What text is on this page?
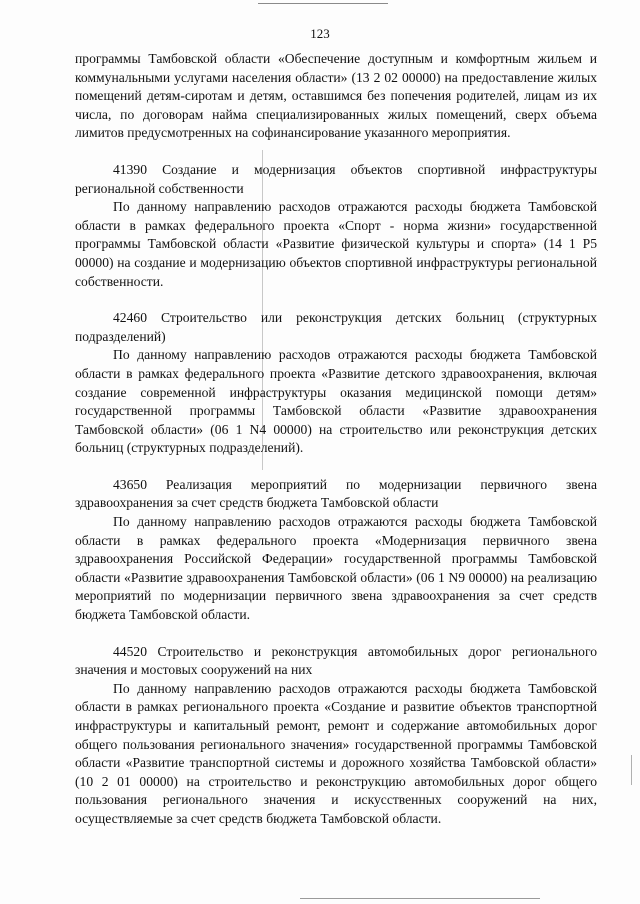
123

программы Тамбовской области «Обеспечение доступным и комфортным жильем и коммунальными услугами населения области» (13 2 02 00000) на предоставление жилых помещений детям-сиротам и детям, оставшимся без попечения родителей, лицам из их числа, по договорам найма специализированных жилых помещений, сверх объема лимитов предусмотренных на софинансирование указанного мероприятия.

41390 Создание и модернизация объектов спортивной инфраструктуры региональной собственности

По данному направлению расходов отражаются расходы бюджета Тамбовской области в рамках федерального проекта «Спорт - норма жизни» государственной программы Тамбовской области «Развитие физической культуры и спорта» (14 1 P5 00000) на создание и модернизацию объектов спортивной инфраструктуры региональной собственности.

42460 Строительство или реконструкция детских больниц (структурных подразделений)

По данному направлению расходов отражаются расходы бюджета Тамбовской области в рамках федерального проекта «Развитие детского здравоохранения, включая создание современной инфраструктуры оказания медицинской помощи детям» государственной программы Тамбовской области «Развитие здравоохранения Тамбовской области» (06 1 N4 00000) на строительство или реконструкция детских больниц (структурных подразделений).

43650 Реализация мероприятий по модернизации первичного звена здравоохранения за счет средств бюджета Тамбовской области

По данному направлению расходов отражаются расходы бюджета Тамбовской области в рамках федерального проекта «Модернизация первичного звена здравоохранения Российской Федерации» государственной программы Тамбовской области «Развитие здравоохранения Тамбовской области» (06 1 N9 00000) на реализацию мероприятий по модернизации первичного звена здравоохранения за счет средств бюджета Тамбовской области.

44520 Строительство и реконструкция автомобильных дорог регионального значения и мостовых сооружений на них

По данному направлению расходов отражаются расходы бюджета Тамбовской области в рамках регионального проекта «Создание и развитие объектов транспортной инфраструктуры и капитальный ремонт, ремонт и содержание автомобильных дорог общего пользования регионального значения» государственной программы Тамбовской области «Развитие транспортной системы и дорожного хозяйства Тамбовской области» (10 2 01 00000) на строительство и реконструкцию автомобильных дорог общего пользования регионального значения и искусственных сооружений на них, осуществляемые за счет средств бюджета Тамбовской области.
